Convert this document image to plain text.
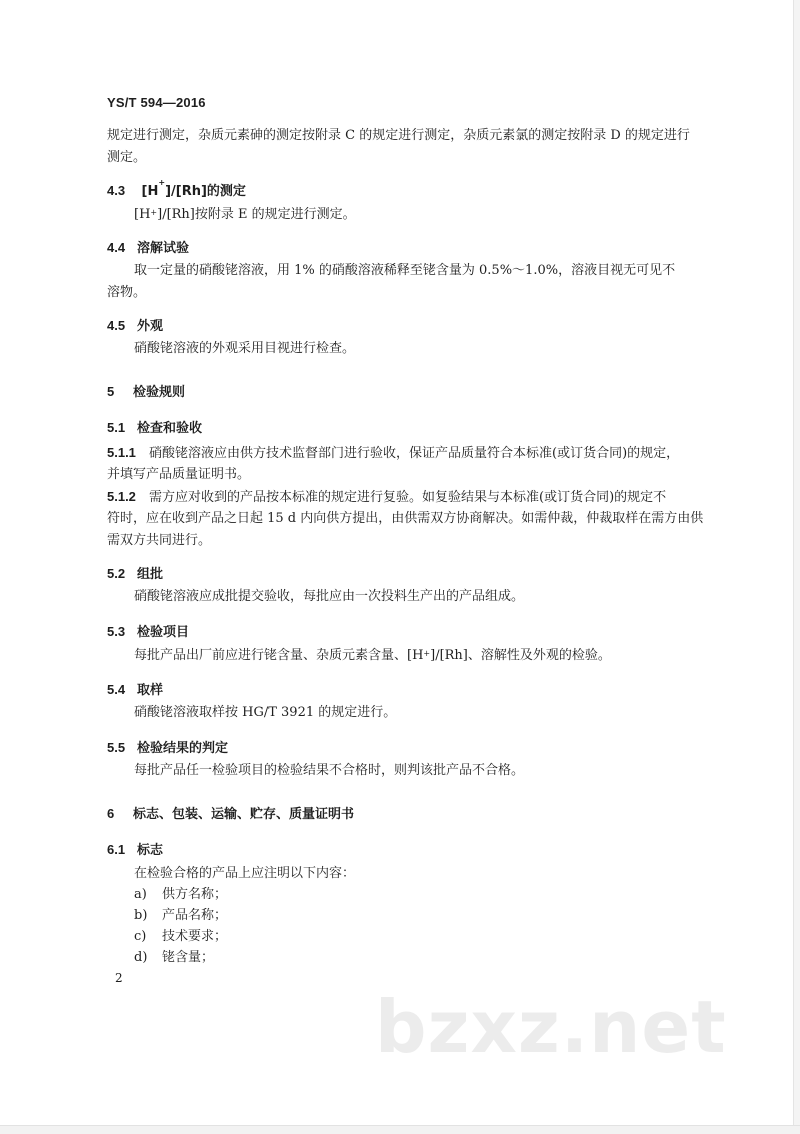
YS/T 594—2016
规定进行测定，杂质元素砷的测定按附录 C 的规定进行测定，杂质元素氯的测定按附录 D 的规定进行
测定。
4.3 [H+]/[Rh]的测定
[H+]/[Rh]按附录 E 的规定进行测定。
4.4 溶解试验
取一定量的硝酸铑溶液，用 1% 的硝酸溶液稀释至铑含量为 0.5%～1.0%，溶液目视无可见不
溶物。
4.5 外观
硝酸铑溶液的外观采用目视进行检查。
5 检验规则
5.1 检查和验收
5.1.1 硝酸铑溶液应由供方技术监督部门进行验收，保证产品质量符合本标准(或订货合同)的规定，
并填写产品质量证明书。
5.1.2 需方应对收到的产品按本标准的规定进行复验。如复验结果与本标准(或订货合同)的规定不
符时，应在收到产品之日起 15 d 内向供方提出，由供需双方协商解决。如需仲裁，仲裁取样在需方由供
需双方共同进行。
5.2 组批
硝酸铑溶液应成批提交验收，每批应由一次投料生产出的产品组成。
5.3 检验项目
每批产品出厂前应进行铑含量、杂质元素含量、[H+]/[Rh]、溶解性及外观的检验。
5.4 取样
硝酸铑溶液取样按 HG/T 3921 的规定进行。
5.5 检验结果的判定
每批产品任一检验项目的检验结果不合格时，则判该批产品不合格。
6 标志、包装、运输、贮存、质量证明书
6.1 标志
在检验合格的产品上应注明以下内容：
a) 供方名称；
b) 产品名称；
c) 技术要求；
d) 铑含量；
2
bzxz.net
